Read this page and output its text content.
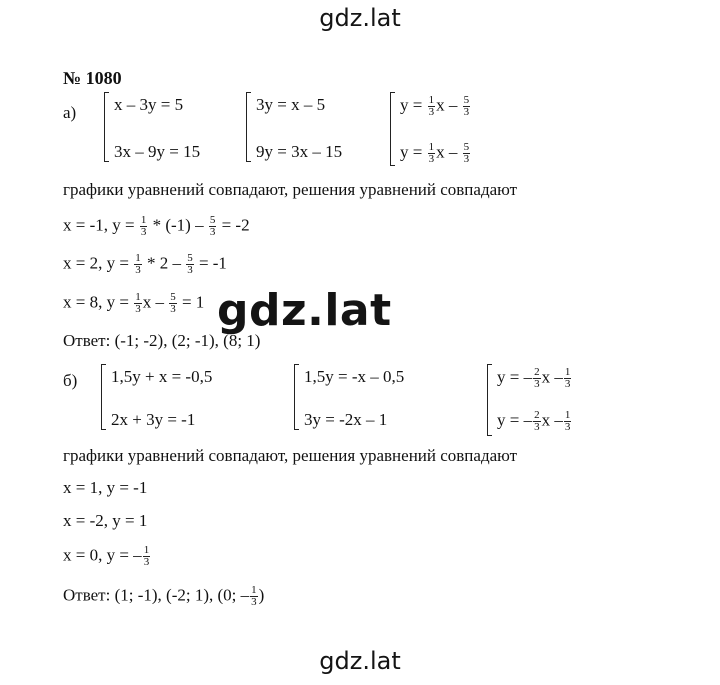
gdz.lat
№ 1080
а) x – 3y = 5
3x – 9y = 15
3y = x – 5
9y = 3x – 15
$y = \frac{1}{3}$ x – $\frac{5}{3}$
$y = \frac{1}{3}$ x – $\frac{5}{3}$
графики уравнений совпадают, решения уравнений совпадают
x = -1, $y = \frac{1}{3} * (-1) - \frac{5}{3} = -2$
x = 2, $y = \frac{1}{3} * 2 - \frac{5}{3} = -1$
x = 8, $y = \frac{1}{3}$ $x - \frac{5}{3} = 1$
Ответ: (-1; -2), (2; -1), (8; 1)
б) 1,5y + x = -0,5
2x + 3y = -1
1,5y = -x – 0,5
3y = -2x – 1
y = – $\frac{2}{3}$ x – $\frac{1}{3}$
y = – $\frac{2}{3}$ x – $\frac{1}{3}$
графики уравнений совпадают, решения уравнений совпадают
x = 1, y = -1
x = -2, y = 1
x = 0, y = – $\frac{1}{3}$
Ответ: (1; -1), (-2; 1), (0; – $\frac{1}{3}$ )
gdz.lat
gdz.lat
